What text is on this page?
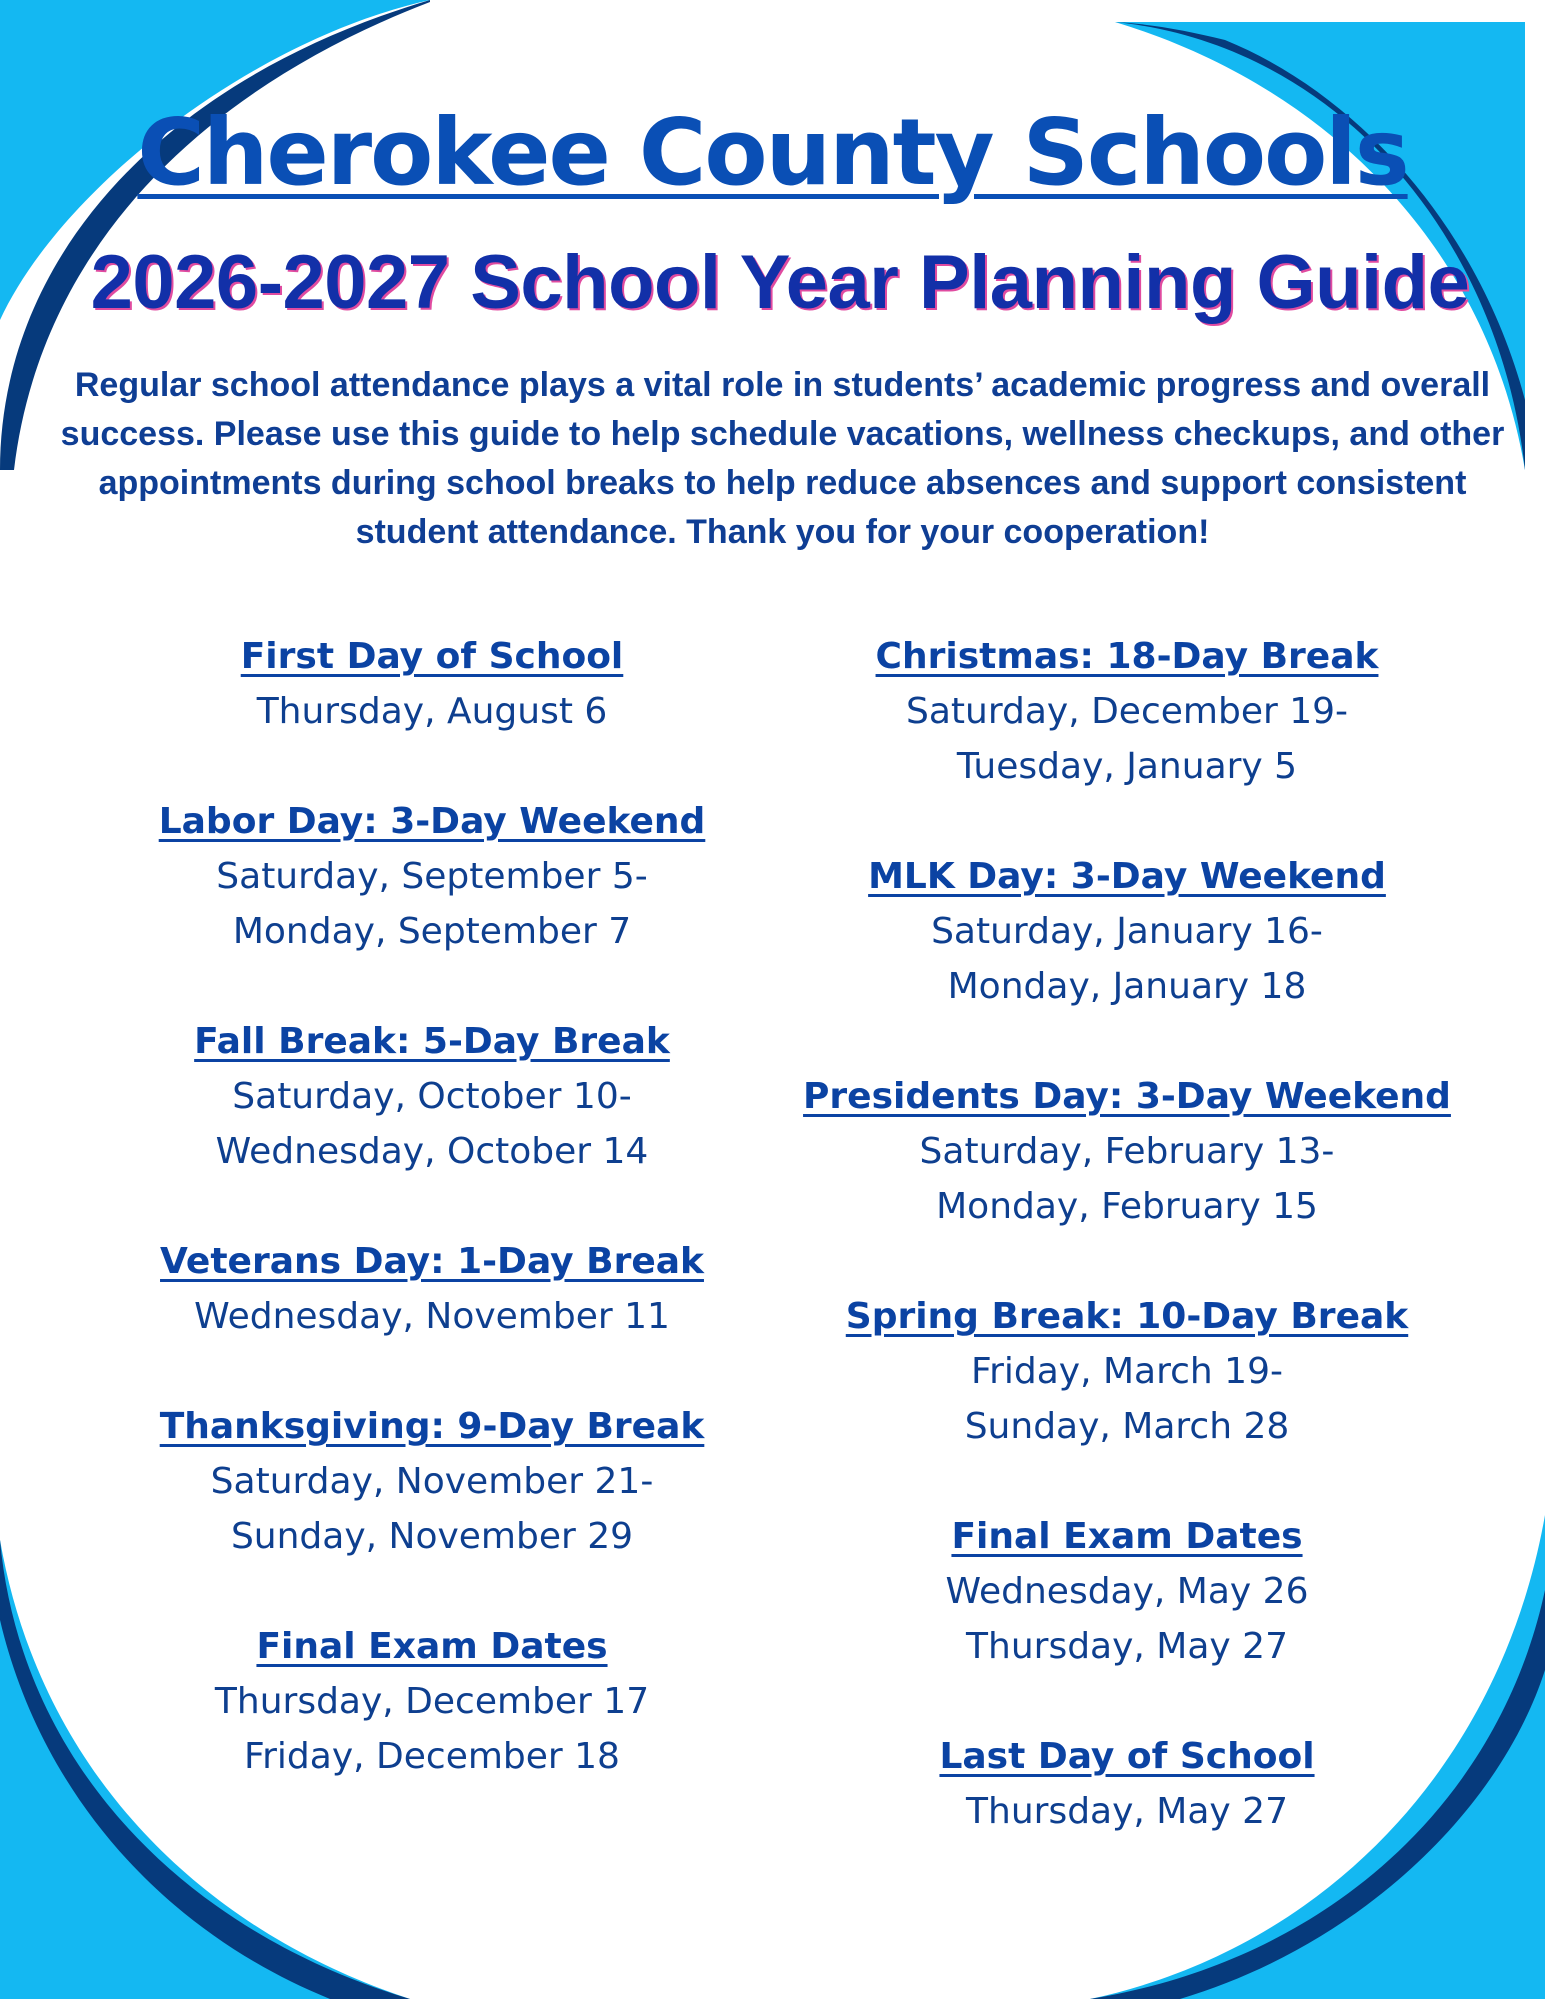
Cherokee County Schools
2026-2027 School Year Planning Guide

Regular school attendance plays a vital role in students’ academic progress and overall success. Please use this guide to help schedule vacations, wellness checkups, and other appointments during school breaks to help reduce absences and support consistent student attendance. Thank you for your cooperation!

First Day of School
Thursday, August 6
Labor Day: 3-Day Weekend
Saturday, September 5-
Monday, September 7
Fall Break: 5-Day Break
Saturday, October 10-
Wednesday, October 14
Veterans Day: 1-Day Break
Wednesday, November 11
Thanksgiving: 9-Day Break
Saturday, November 21-
Sunday, November 29
Final Exam Dates
Thursday, December 17
Friday, December 18
Christmas: 18-Day Break
Saturday, December 19-
Tuesday, January 5
MLK Day: 3-Day Weekend
Saturday, January 16-
Monday, January 18
Presidents Day: 3-Day Weekend
Saturday, February 13-
Monday, February 15
Spring Break: 10-Day Break
Friday, March 19-
Sunday, March 28
Final Exam Dates
Wednesday, May 26
Thursday, May 27
Last Day of School
Thursday, May 27
